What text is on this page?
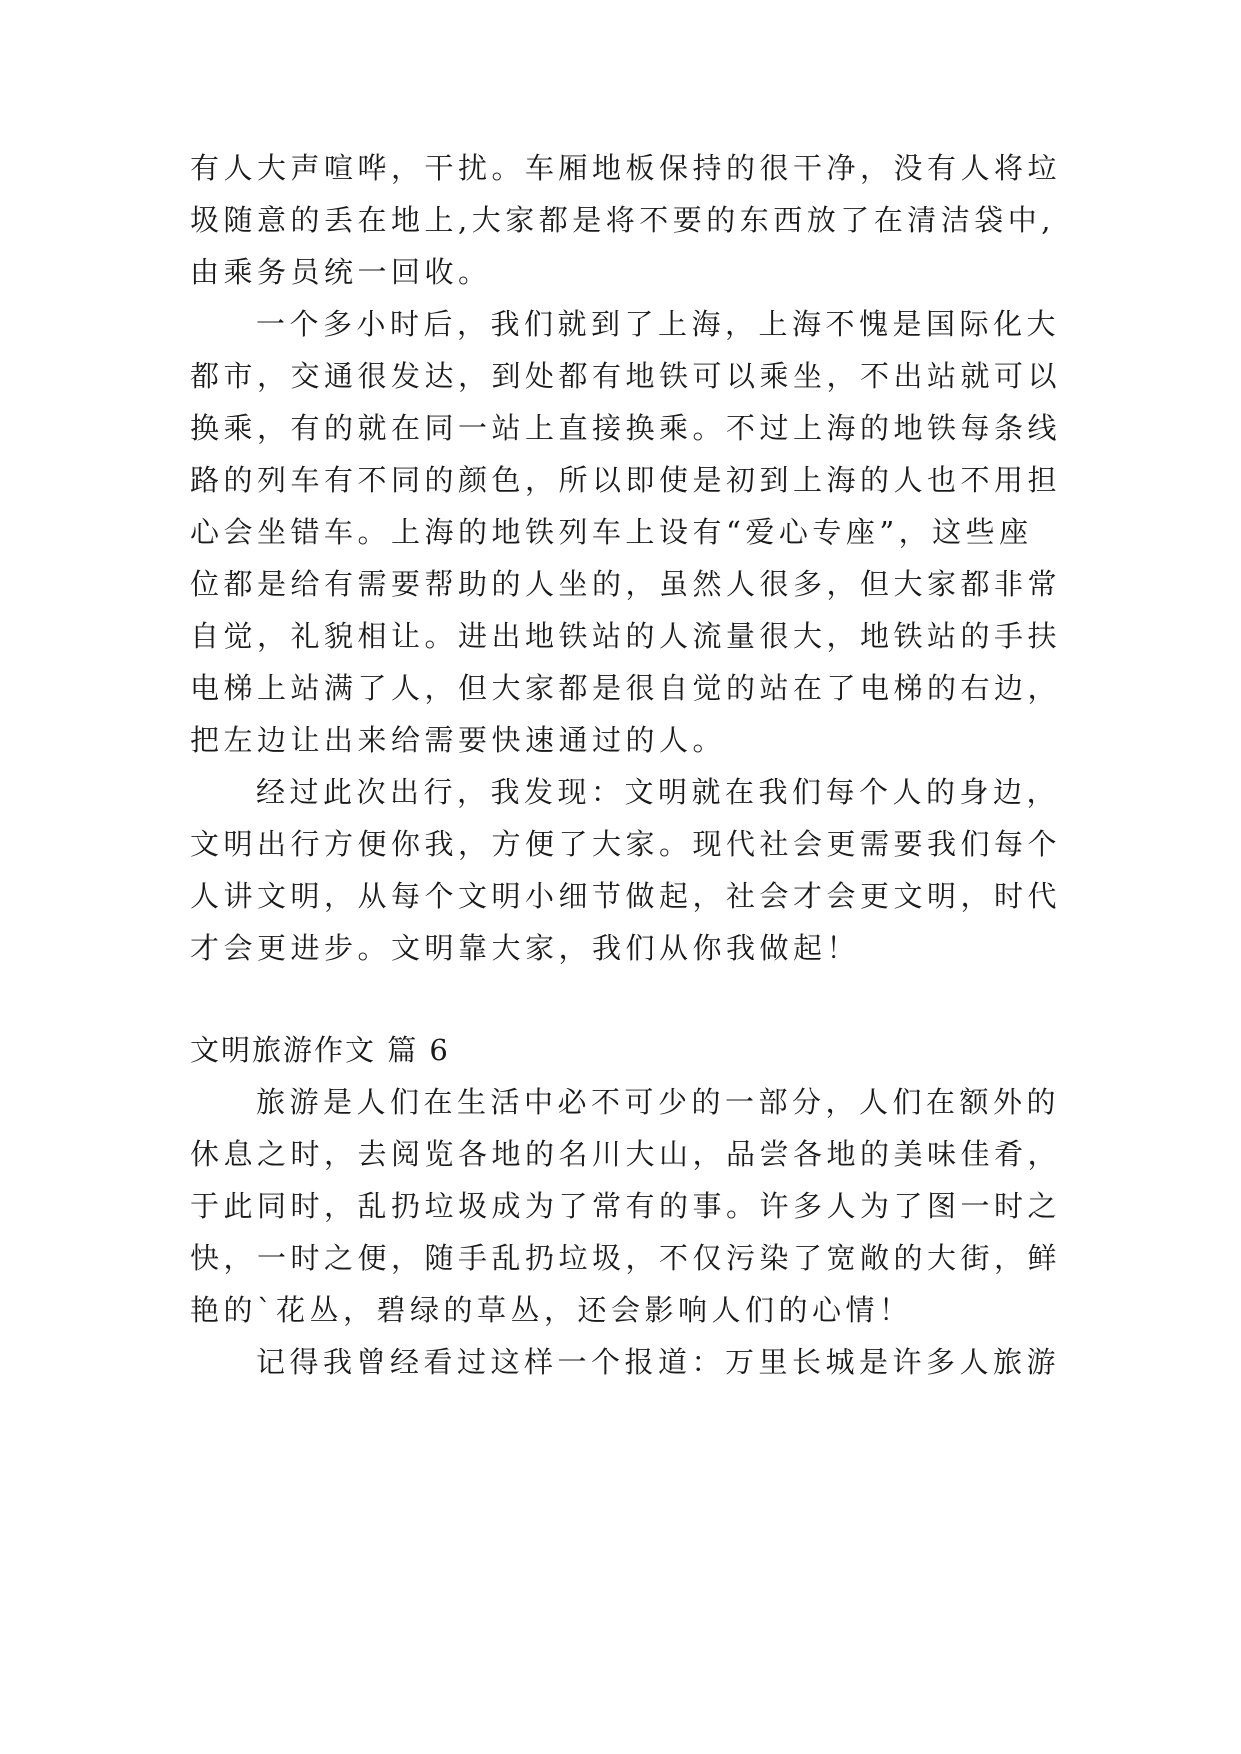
有人大声喧哗，干扰。车厢地板保持的很干净，没有人将垃
圾随意的丢在地上,大家都是将不要的东西放了在清洁袋中,
由乘务员统一回收。
一个多小时后，我们就到了上海，上海不愧是国际化大
都市，交通很发达，到处都有地铁可以乘坐，不出站就可以
换乘，有的就在同一站上直接换乘。不过上海的地铁每条线
路的列车有不同的颜色，所以即使是初到上海的人也不用担
心会坐错车。上海的地铁列车上设有“爱心专座”，这些座
位都是给有需要帮助的人坐的，虽然人很多，但大家都非常
自觉，礼貌相让。进出地铁站的人流量很大，地铁站的手扶
电梯上站满了人，但大家都是很自觉的站在了电梯的右边，
把左边让出来给需要快速通过的人。
经过此次出行，我发现：文明就在我们每个人的身边，
文明出行方便你我，方便了大家。现代社会更需要我们每个
人讲文明，从每个文明小细节做起，社会才会更文明，时代
才会更进步。文明靠大家，我们从你我做起！
文明旅游作文 篇 6
旅游是人们在生活中必不可少的一部分，人们在额外的
休息之时，去阅览各地的名川大山，品尝各地的美味佳肴，
于此同时，乱扔垃圾成为了常有的事。许多人为了图一时之
快，一时之便，随手乱扔垃圾，不仅污染了宽敞的大街，鲜
艳的`花丛，碧绿的草丛，还会影响人们的心情！
记得我曾经看过这样一个报道：万里长城是许多人旅游
